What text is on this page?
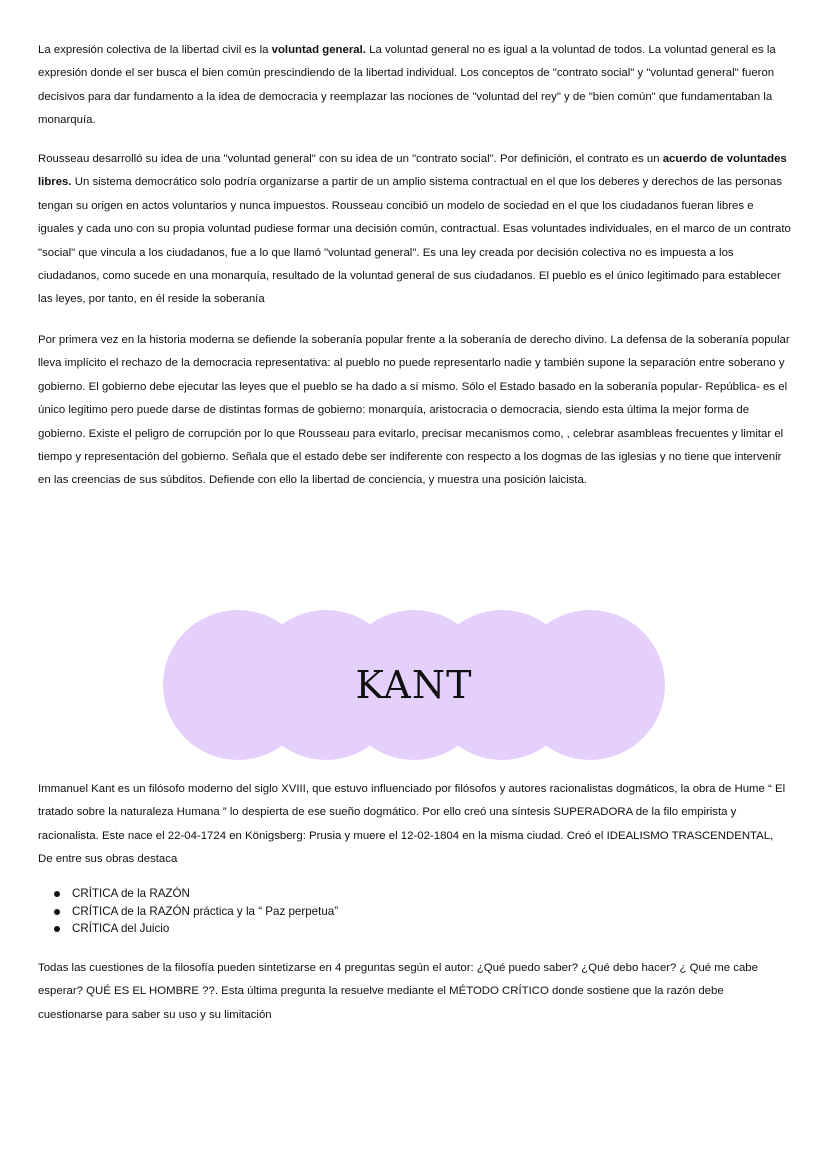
La expresión colectiva de la libertad civil es la voluntad general. La voluntad general no es igual a la voluntad de todos. La voluntad general es la expresión donde el ser busca el bien común prescindiendo de la libertad individual. Los conceptos de "contrato social" y "voluntad general" fueron decisivos para dar fundamento a la idea de democracia y reemplazar las nociones de "voluntad del rey" y de "bien común" que fundamentaban la monarquía.

Rousseau desarrolló su idea de una "voluntad general" con su idea de un "contrato social". Por definición, el contrato es un acuerdo de voluntades libres. Un sistema democrático solo podría organizarse a partir de un amplio sistema contractual en el que los deberes y derechos de las personas tengan su origen en actos voluntarios y nunca impuestos. Rousseau concibió un modelo de sociedad en el que los ciudadanos fueran libres e iguales y cada uno con su propia voluntad pudiese formar una decisión común, contractual. Esas voluntades individuales, en el marco de un contrato "social" que vincula a los ciudadanos, fue a lo que llamó "voluntad general". Es una ley creada por decisión colectiva no es impuesta a los ciudadanos, como sucede en una monarquía, resultado de la voluntad general de sus ciudadanos. El pueblo es el único legitimado para establecer las leyes, por tanto, en él reside la soberanía

Por primera vez en la historia moderna se defiende la soberanía popular frente a la soberanía de derecho divino. La defensa de la soberanía popular lleva implícito el rechazo de la democracia representativa: al pueblo no puede representarlo nadie y también supone la separación entre soberano y gobierno. El gobierno debe ejecutar las leyes que el pueblo se ha dado a sí mismo. Sólo el Estado basado en la soberanía popular- República- es el único legitimo pero puede darse de distintas formas de gobierno: monarquía, aristocracia o democracia, siendo esta última la mejor forma de gobierno. Existe el peligro de corrupción por lo que Rousseau para evitarlo, precisar mecanismos como, , celebrar asambleas frecuentes y limitar el tiempo y representación del gobierno. Señala que el estado debe ser indiferente con respecto a los dogmas de las iglesias y no tiene que intervenir en las creencias de sus súbditos. Defiende con ello la libertad de conciencia, y muestra una posición laicista.

KANT

Immanuel Kant es un filósofo moderno del siglo XVIII, que estuvo influenciado por filósofos y autores racionalistas dogmáticos, la obra de Hume “ El tratado sobre la naturaleza Humana ” lo despierta de ese sueño dogmático. Por ello creó una síntesis SUPERADORA de la filo empirista y racionalista. Este nace el 22-04-1724 en Königsberg: Prusia y muere el 12-02-1804 en la misma ciudad. Creó el IDEALISMO TRASCENDENTAL, De entre sus obras destaca

CRÍTICA de la RAZÓN
CRÍTICA de la RAZÓN práctica y la “ Paz perpetua”
CRÍTICA del Juicio

Todas las cuestiones de la filosofía pueden sintetizarse en 4 preguntas según el autor: ¿Qué puedo saber? ¿Qué debo hacer? ¿ Qué me cabe esperar? QUÉ ES EL HOMBRE ??. Esta última pregunta la resuelve mediante el MÉTODO CRÍTICO donde sostiene que la razón debe cuestionarse para saber su uso y su limitación
